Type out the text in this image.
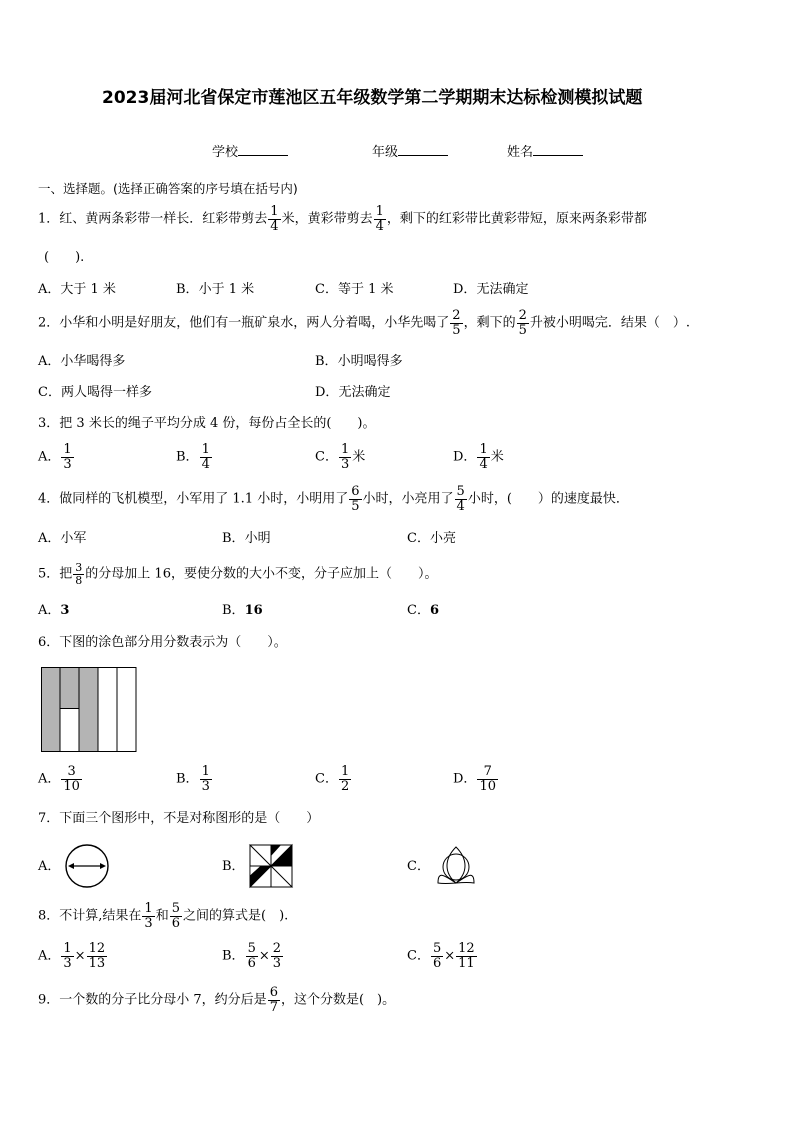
2023届河北省保定市莲池区五年级数学第二学期期末达标检测模拟试题
学校	年级	姓名
一、选择题。(选择正确答案的序号填在括号内)
1．红、黄两条彩带一样长．红彩带剪去 $\frac{1}{4}$ 米，黄彩带剪去 $\frac{1}{4}$ ，剩下的红彩带比黄彩带短，原来两条彩带都
(　　).
A．大于 1 米	B．小于 1 米	C．等于 1 米	D．无法确定
2．小华和小明是好朋友，他们有一瓶矿泉水，两人分着喝，小华先喝了 $\frac{2}{5}$ ，剩下的 $\frac{2}{5}$ 升被小明喝完．结果（　）.
A．小华喝得多	B．小明喝得多
C．两人喝得一样多	D．无法确定
3．把 3 米长的绳子平均分成 4 份，每份占全长的(　　)。
A． $\frac{1}{3}$	B． $\frac{1}{4}$	C． $\frac{1}{3}$ 米	D． $\frac{1}{4}$ 米
4．做同样的飞机模型，小军用了 1.1 小时，小明用了 $\frac{6}{5}$ 小时，小亮用了 $\frac{5}{4}$ 小时，(　　）的速度最快．
A．小军	B．小明	C．小亮
5．把 $\frac{3}{8}$ 的分母加上 16，要使分数的大小不变，分子应加上（　　）。
A．3	B．16	C．6
6．下图的涂色部分用分数表示为（　　）。
A． $\frac{3}{10}$	B． $\frac{1}{3}$	C． $\frac{1}{2}$	D． $\frac{7}{10}$
7．下面三个图形中，不是对称图形的是（　　）
A．	B．	C．
8．不计算,结果在 $\frac{1}{3}$ 和 $\frac{5}{6}$ 之间的算式是(　).
A． $\frac{1}{3} \times \frac{12}{13}$	B． $\frac{5}{6} \times \frac{2}{3}$	C． $\frac{5}{6} \times \frac{12}{11}$
9．一个数的分子比分母小 7，约分后是 $\frac{6}{7}$ ，这个分数是(　)。
